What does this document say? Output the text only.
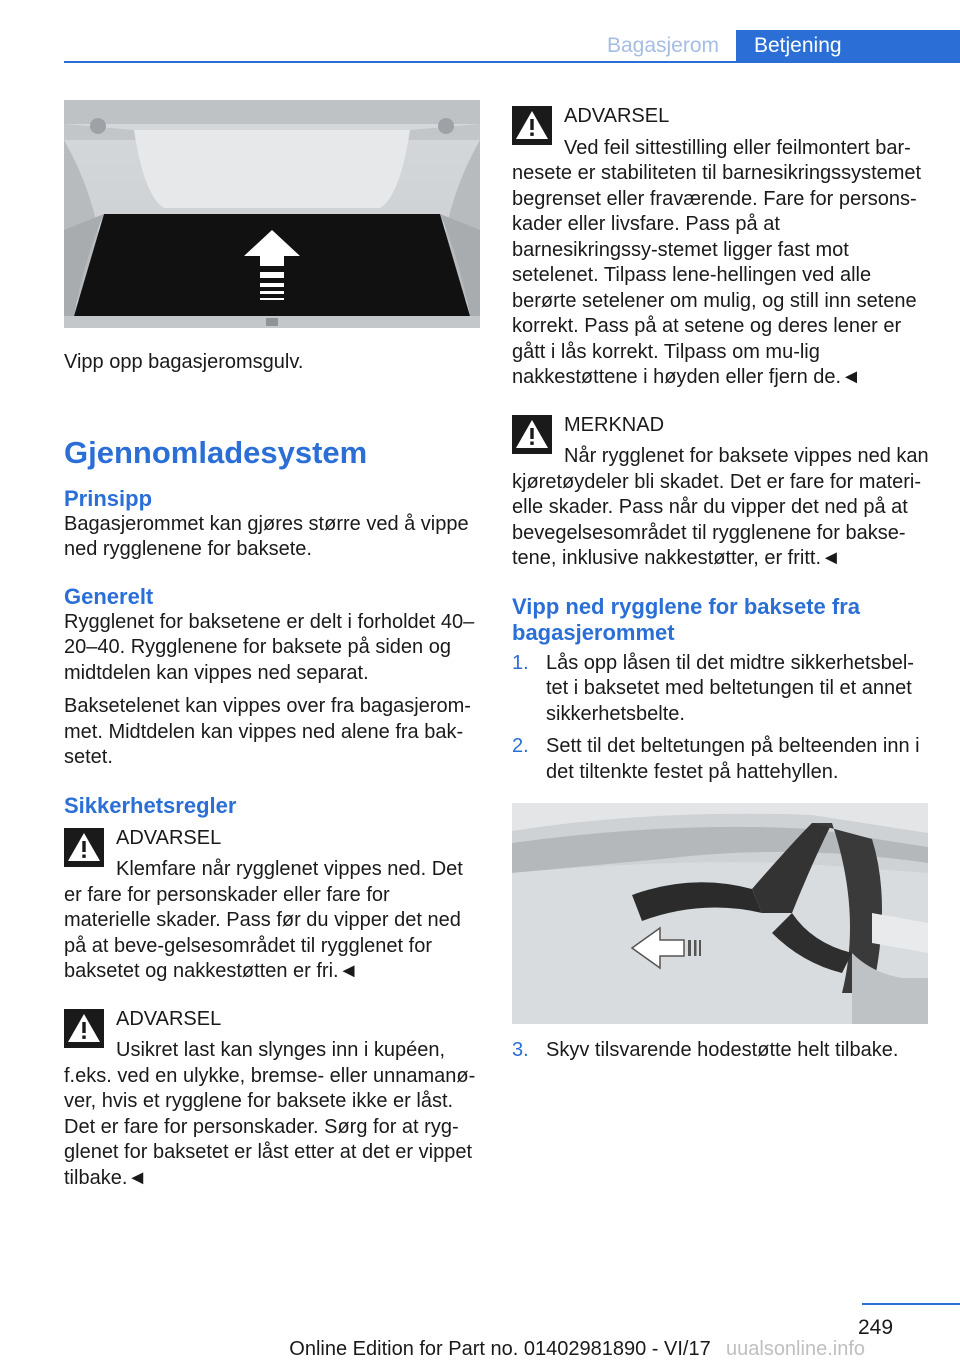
Bagasjerom	Betjening

Vipp opp bagasjeromsgulv.

Gjennomladesystem
Prinsipp

Bagasjerommet kan gjøres større ved å vippe ned rygglenene for baksete.

Generelt

Rygglenet for baksetene er delt i forholdet 40–20–40. Rygglenene for baksete på siden og midtdelen kan vippes ned separat.

Baksetelenet kan vippes over fra bagasjerom-met. Midtdelen kan vippes ned alene fra bak-setet.

Sikkerhetsregler
ADVARSEL
Klemfare når rygglenet vippes ned. Det

er fare for personskader eller fare for materielle skader. Pass før du vipper det ned på at beve-gelsesområdet til rygglenet for baksetet og nakkestøtten er fri.◄

ADVARSEL
Usikret last kan slynges inn i kupéen,

f.eks. ved en ulykke, bremse- eller unnamanø-ver, hvis et rygglene for baksete ikke er låst. Det er fare for personskader. Sørg for at ryg-glenet for baksetet er låst etter at det er vippet tilbake.◄

ADVARSEL
Ved feil sittestilling eller feilmontert bar-

nesete er stabiliteten til barnesikringssystemet begrenset eller fraværende. Fare for persons-kader eller livsfare. Pass på at barnesikringssy-stemet ligger fast mot setelenet. Tilpass lene-hellingen ved alle berørte setelener om mulig, og still inn setene korrekt. Pass på at setene og deres lener er gått i lås korrekt. Tilpass om mu-lig nakkestøttene i høyden eller fjern de.◄

MERKNAD
Når rygglenet for baksete vippes ned kan

kjøretøydeler bli skadet. Det er fare for materi-elle skader. Pass når du vipper det ned på at bevegelsesområdet til rygglenene for bakse-tene, inklusive nakkestøtter, er fritt.◄

Vipp ned rygglene for baksete fra bagasjerommet
1. Lås opp låsen til det midtre sikkerhetsbel-tet i baksetet med beltetungen til et annet sikkerhetsbelte.
2. Sett til det beltetungen på belteenden inn i det tiltenkte festet på hattehyllen.
3. Skyv tilsvarende hodestøtte helt tilbake.
249
Online Edition for Part no. 01402981890 - VI/17 uualsonline.info
